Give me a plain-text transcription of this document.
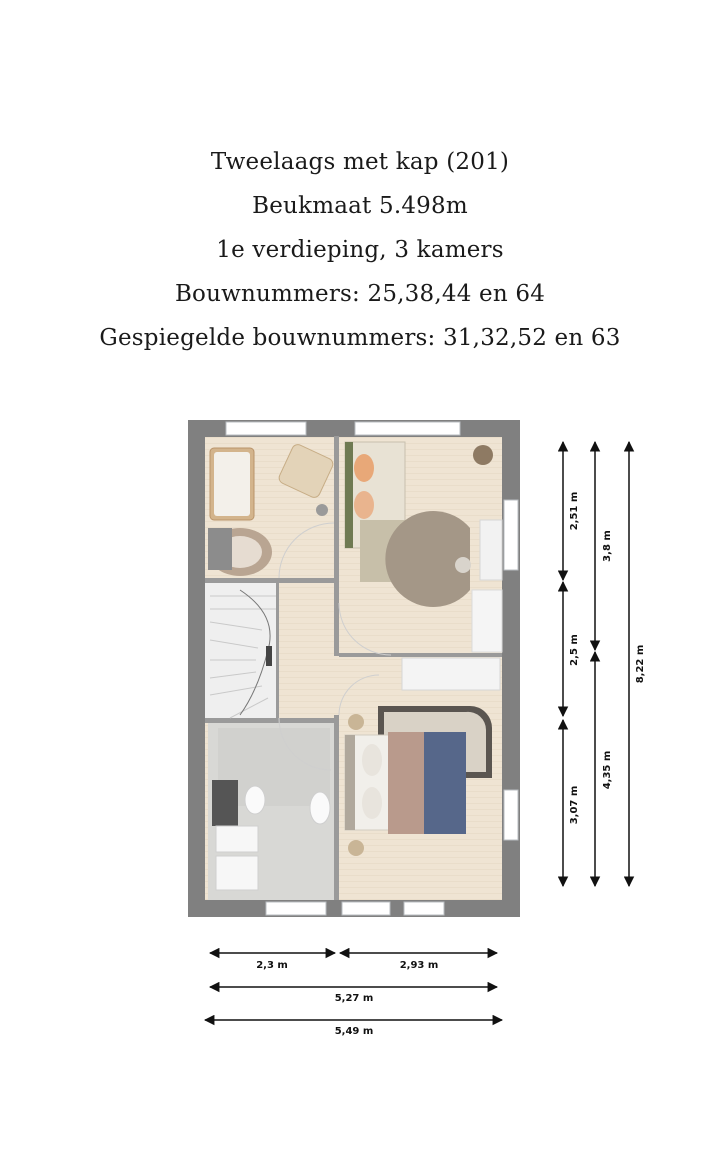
Tweelaags met kap (201)
Beukmaat 5.498m
1e verdieping, 3 kamers
Bouwnummers: 25,38,44 en 64
Gespiegelde bouwnummers: 31,32,52 en 63
2,51 m
2,5 m
3,07 m
3,8 m
4,35 m
8,22 m
2,3 m	2,93 m
5,27 m
5,49 m
